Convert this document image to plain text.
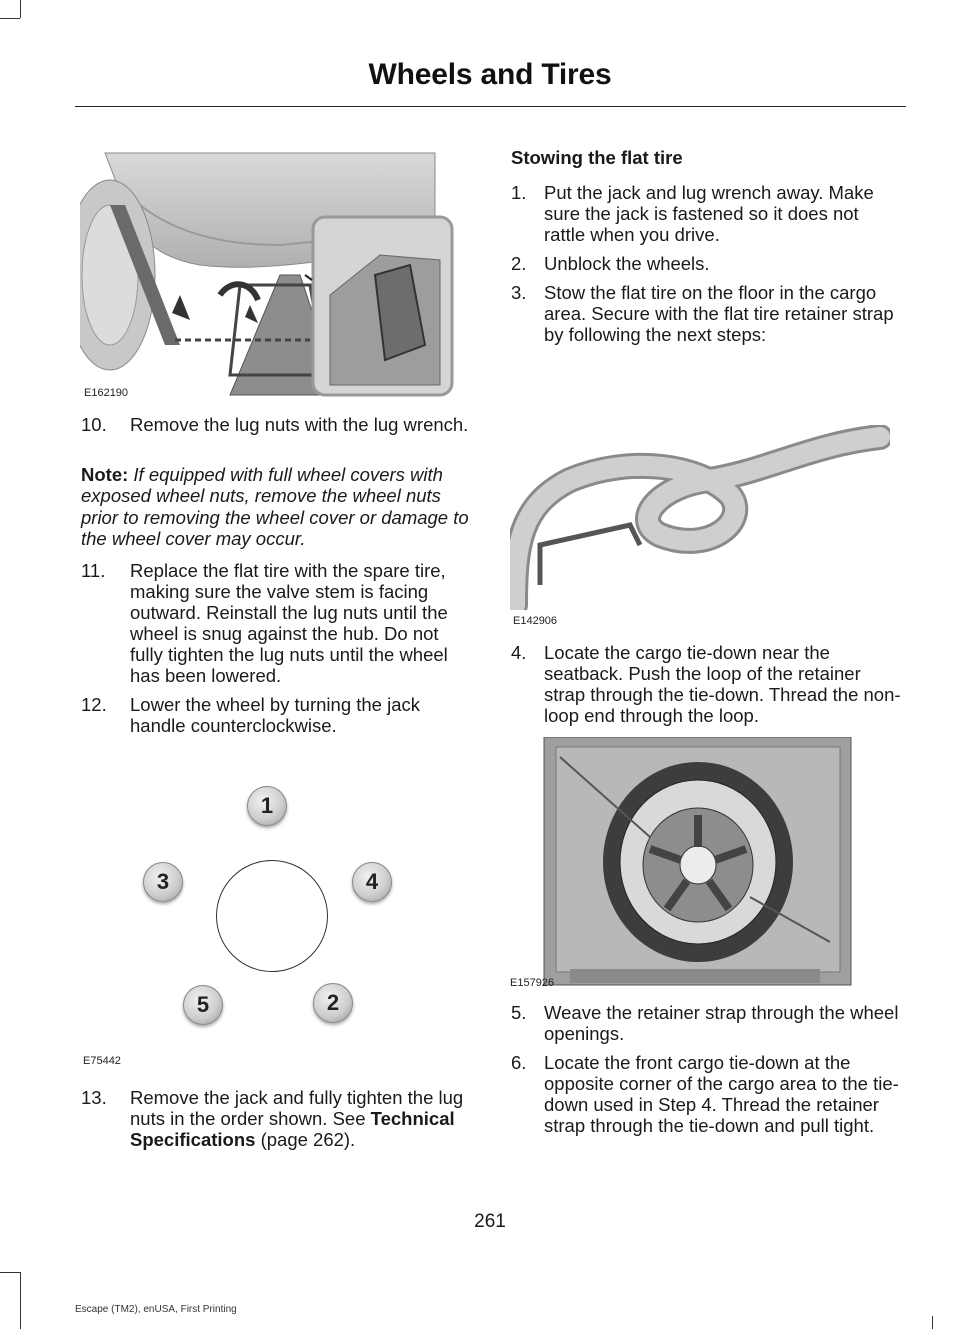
Wheels and Tires
E162190
10. Remove the lug nuts with the lug wrench.
Note: If equipped with full wheel covers with exposed wheel nuts, remove the wheel nuts prior to removing the wheel cover or damage to the wheel cover may occur.
11. Replace the flat tire with the spare tire, making sure the valve stem is facing outward. Reinstall the lug nuts until the wheel is snug against the hub. Do not fully tighten the lug nuts until the wheel has been lowered.
12. Lower the wheel by turning the jack handle counterclockwise.
1
3	4
5	2
E75442
13. Remove the jack and fully tighten the lug nuts in the order shown. See Technical Specifications (page 262).
Stowing the flat tire
1. Put the jack and lug wrench away. Make sure the jack is fastened so it does not rattle when you drive.
2. Unblock the wheels.
3. Stow the flat tire on the floor in the cargo area. Secure with the flat tire retainer strap by following the next steps:
E142906
4. Locate the cargo tie-down near the seatback. Push the loop of the retainer strap through the tie-down. Thread the non-loop end through the loop.
E157926
5. Weave the retainer strap through the wheel openings.
6. Locate the front cargo tie-down at the opposite corner of the cargo area to the tie-down used in Step 4. Thread the retainer strap through the tie-down and pull tight.
261
Escape (TM2), enUSA, First Printing
